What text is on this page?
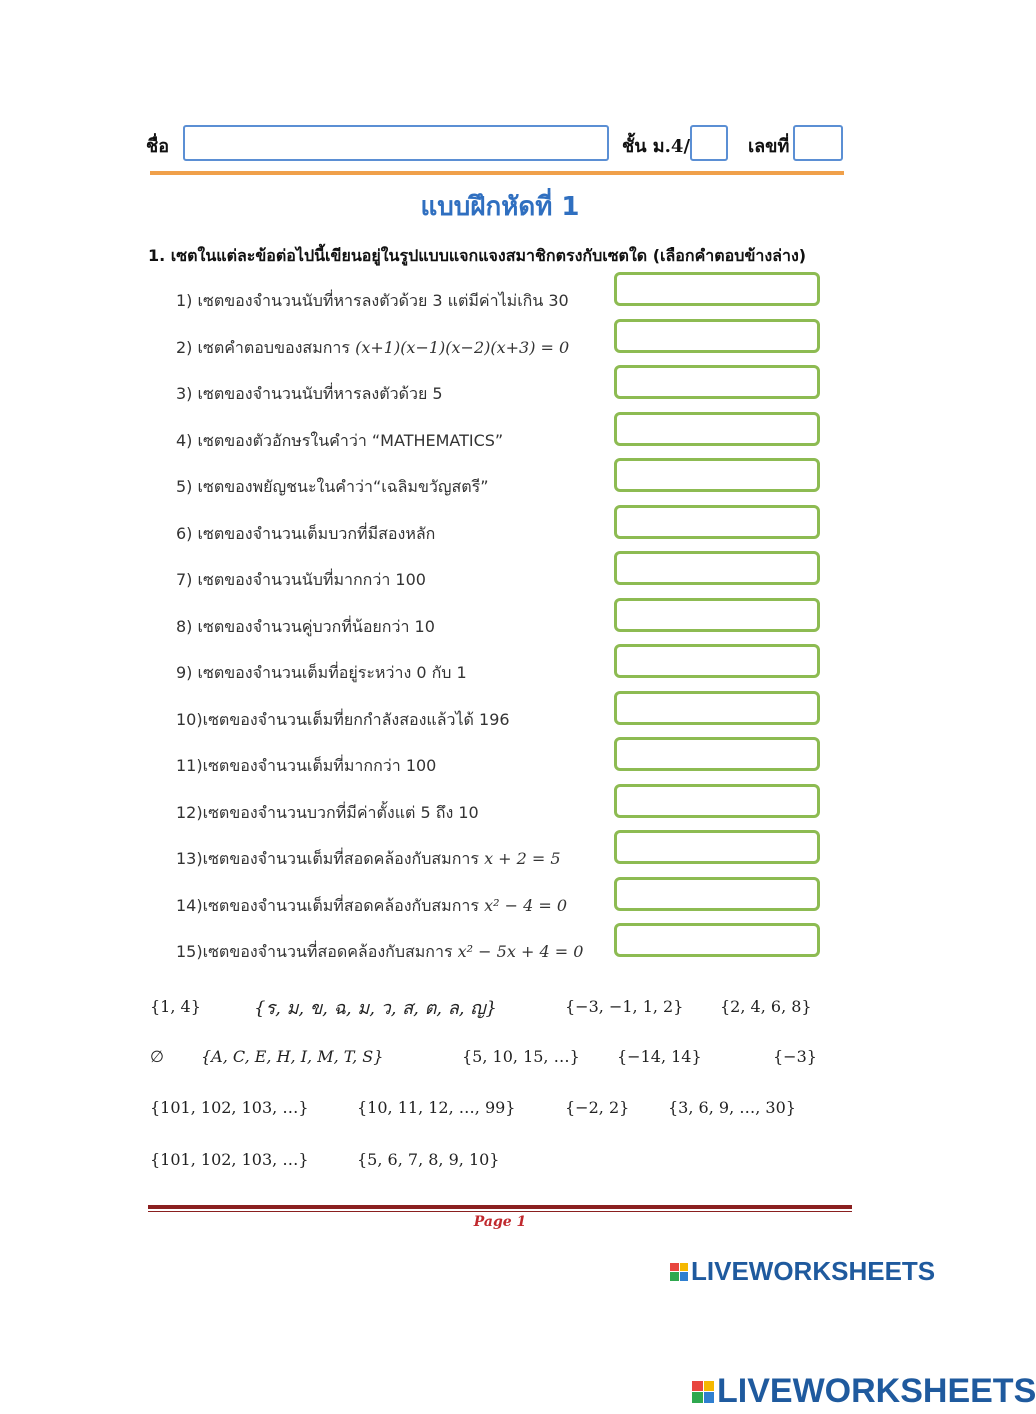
ชื่อ	ชั้น ม.4/	เลขที่
แบบฝึกหัดที่ 1
1. เซตในแต่ละข้อต่อไปนี้เขียนอยู่ในรูปแบบแจกแจงสมาชิกตรงกับเซตใด (เลือกคำตอบข้างล่าง)
1) เซตของจำนวนนับที่หารลงตัวด้วย 3 แต่มีค่าไม่เกิน 30
2) เซตคำตอบของสมการ (x+1)(x−1)(x−2)(x+3) = 0
3) เซตของจำนวนนับที่หารลงตัวด้วย 5
4) เซตของตัวอักษรในคำว่า “MATHEMATICS”
5) เซตของพยัญชนะในคำว่า“เฉลิมขวัญสตรี”
6) เซตของจำนวนเต็มบวกที่มีสองหลัก
7) เซตของจำนวนนับที่มากกว่า 100
8) เซตของจำนวนคู่บวกที่น้อยกว่า 10
9) เซตของจำนวนเต็มที่อยู่ระหว่าง 0 กับ 1
10)เซตของจำนวนเต็มที่ยกกำลังสองแล้วได้ 196
11)เซตของจำนวนเต็มที่มากกว่า 100
12)เซตของจำนวนบวกที่มีค่าตั้งแต่ 5 ถึง 10
13)เซตของจำนวนเต็มที่สอดคล้องกับสมการ x + 2 = 5
14)เซตของจำนวนเต็มที่สอดคล้องกับสมการ x² − 4 = 0
15)เซตของจำนวนที่สอดคล้องกับสมการ x² − 5x + 4 = 0
{1, 4}	{ร, ม, ข, ฉ, ม, ว, ส, ต, ล, ญ}	{−3, −1, 1, 2} {2, 4, 6, 8}
∅ {A, C, E, H, I, M, T, S}	{5, 10, 15, …} {−14, 14}	{−3}
{101, 102, 103, …}	{10, 11, 12, …, 99}	{−2, 2} {3, 6, 9, …, 30}
{101, 102, 103, …}	{5, 6, 7, 8, 9, 10}
Page 1
LIVEWORKSHEETS
LIVEWORKSHEETS
